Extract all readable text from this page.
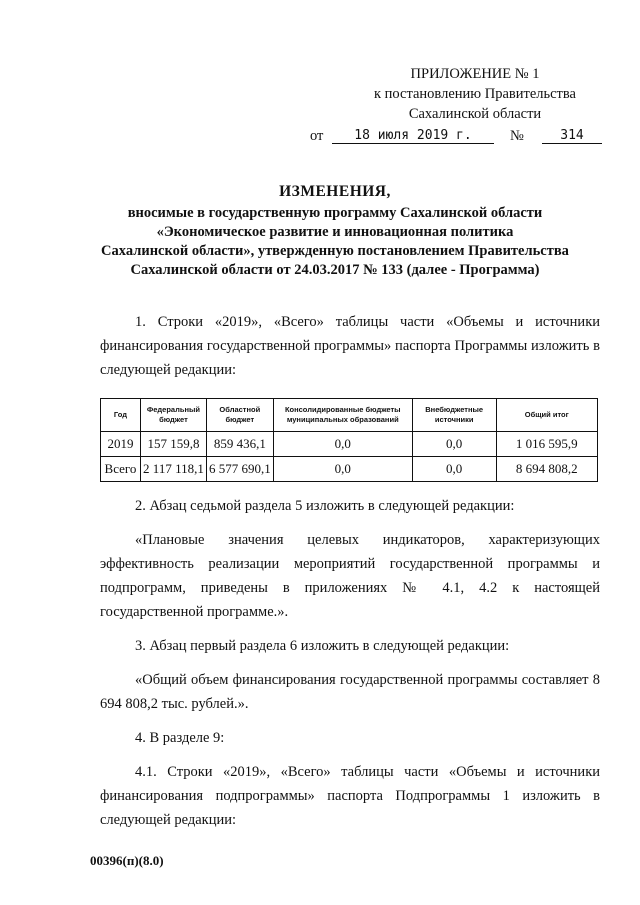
ПРИЛОЖЕНИЕ № 1
к постановлению Правительства
Сахалинской области
от	18 июля 2019 г.	№	314
ИЗМЕНЕНИЯ,
вносимые в государственную программу Сахалинской области
«Экономическое развитие и инновационная политика
Сахалинской области», утвержденную постановлением Правительства
Сахалинской области от 24.03.2017 № 133 (далее - Программа)

1. Строки «2019», «Всего» таблицы части «Объемы и источники финансирования государственной программы» паспорта Программы изложить в следующей редакции:

Год	Федеральный бюджет	Областной бюджет	Консолидированные бюджеты муниципальных образований	Внебюджетные источники	Общий итог
2019	157 159,8	859 436,1	0,0	0,0	1 016 595,9
Всего	2 117 118,1	6 577 690,1	0,0	0,0	8 694 808,2

2. Абзац седьмой раздела 5 изложить в следующей редакции:

«Плановые значения целевых индикаторов, характеризующих эффективность реализации мероприятий государственной программы и подпрограмм, приведены в приложениях № 4.1, 4.2 к настоящей государственной программе.».

3. Абзац первый раздела 6 изложить в следующей редакции:

«Общий объем финансирования государственной программы составляет 8 694 808,2 тыс. рублей.».

4. В разделе 9:

4.1. Строки «2019», «Всего» таблицы части «Объемы и источники финансирования подпрограммы» паспорта Подпрограммы 1 изложить в следующей редакции:

00396(п)(8.0)
